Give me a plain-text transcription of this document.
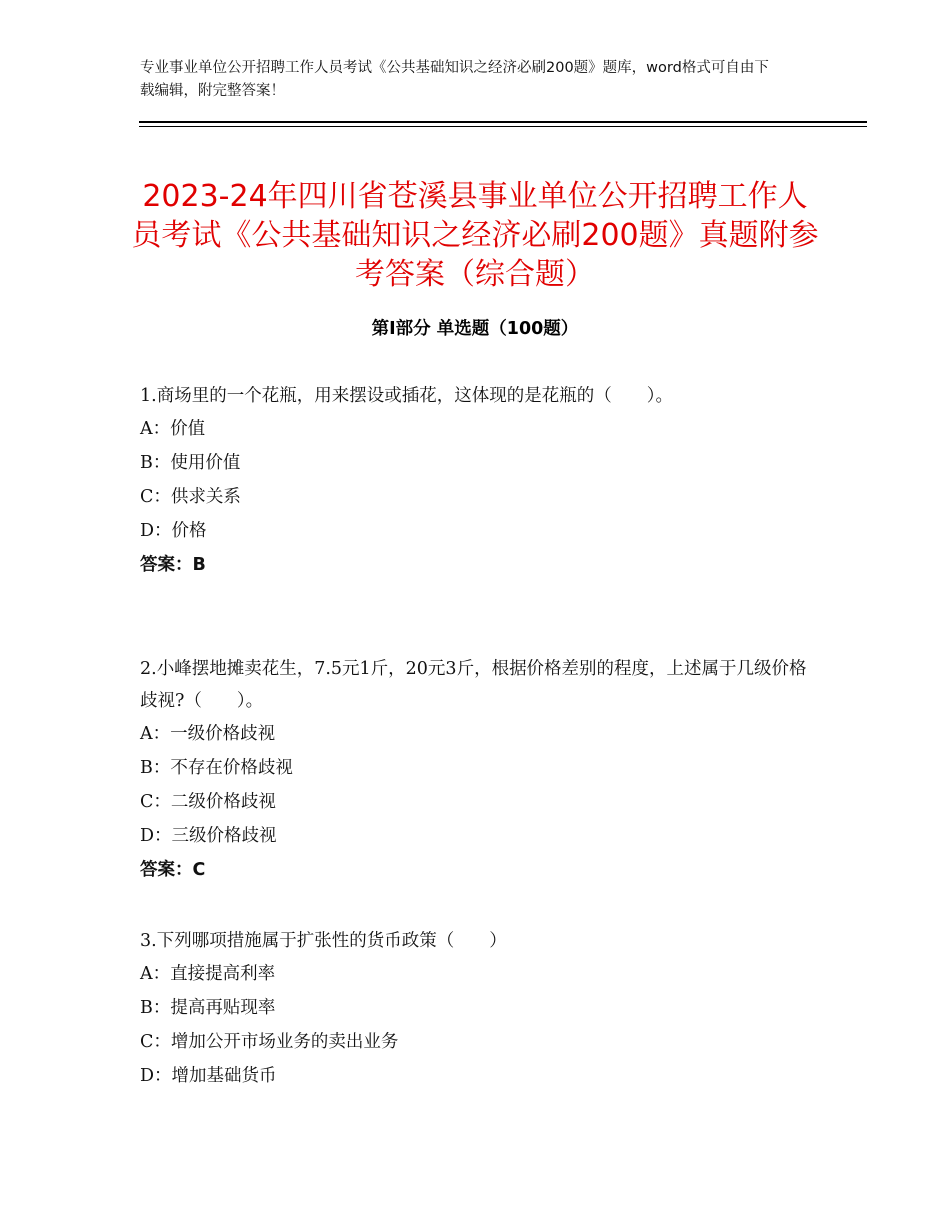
专业事业单位公开招聘工作人员考试《公共基础知识之经济必刷200题》题库，word格式可自由下载编辑，附完整答案！
2023-24年四川省苍溪县事业单位公开招聘工作人员考试《公共基础知识之经济必刷200题》真题附参考答案（综合题）
第Ⅰ部分 单选题（100题）
1.商场里的一个花瓶，用来摆设或插花，这体现的是花瓶的（　　）。
A：价值
B：使用价值
C：供求关系
D：价格
答案：B
2.小峰摆地摊卖花生，7.5元1斤，20元3斤，根据价格差别的程度，上述属于几级价格歧视?（　　）。
A：一级价格歧视
B：不存在价格歧视
C：二级价格歧视
D：三级价格歧视
答案：C
3.下列哪项措施属于扩张性的货币政策（　　）
A：直接提高利率
B：提高再贴现率
C：增加公开市场业务的卖出业务
D：增加基础货币
